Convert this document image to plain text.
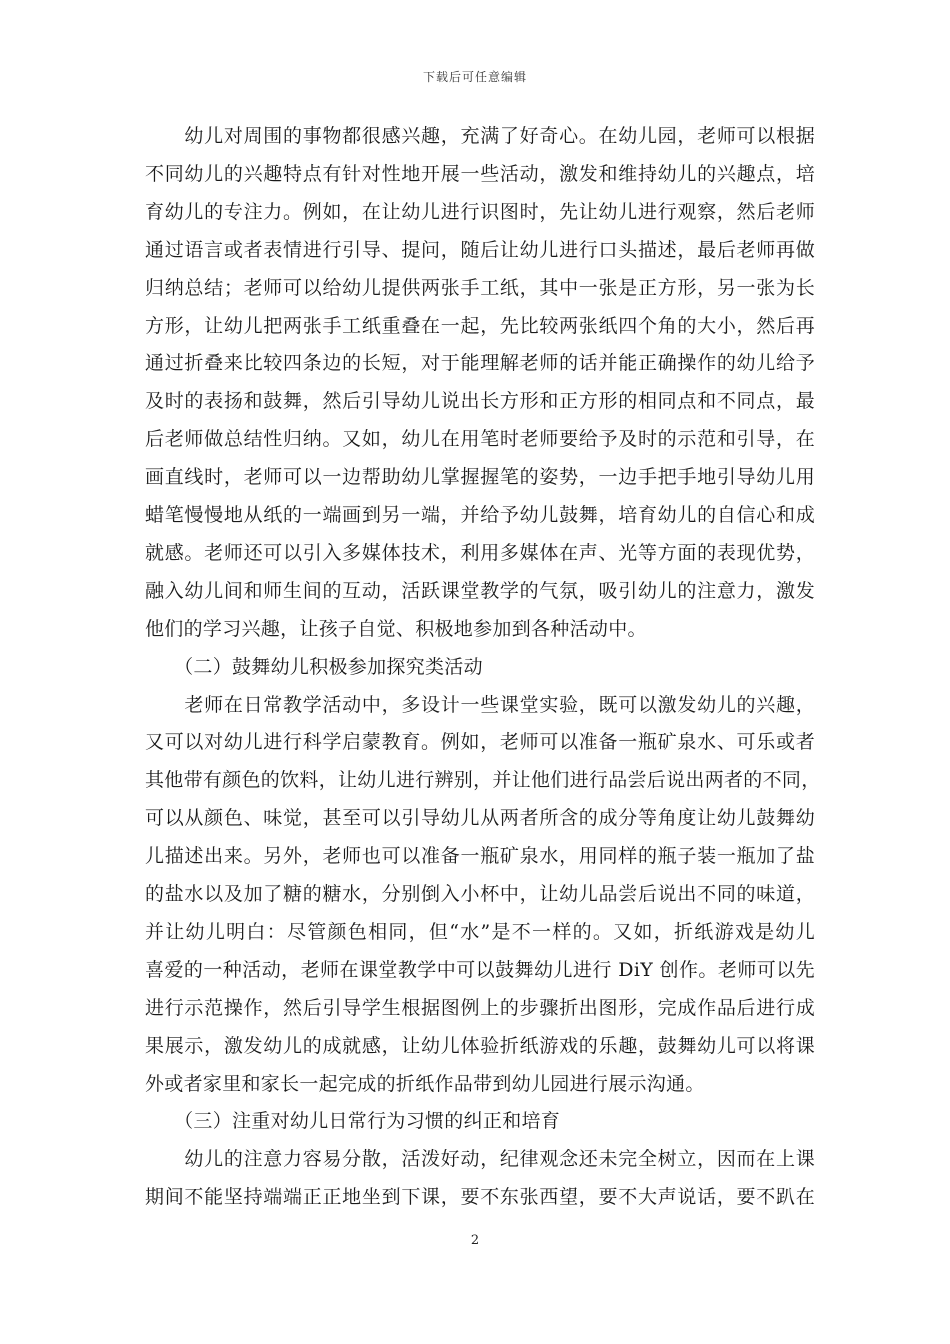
下载后可任意编辑
　　幼儿对周围的事物都很感兴趣，充满了好奇心。在幼儿园，老师可以根据
不同幼儿的兴趣特点有针对性地开展一些活动，激发和维持幼儿的兴趣点，培
育幼儿的专注力。例如，在让幼儿进行识图时，先让幼儿进行观察，然后老师
通过语言或者表情进行引导、提问，随后让幼儿进行口头描述，最后老师再做
归纳总结；老师可以给幼儿提供两张手工纸，其中一张是正方形，另一张为长
方形，让幼儿把两张手工纸重叠在一起，先比较两张纸四个角的大小，然后再
通过折叠来比较四条边的长短，对于能理解老师的话并能正确操作的幼儿给予
及时的表扬和鼓舞，然后引导幼儿说出长方形和正方形的相同点和不同点，最
后老师做总结性归纳。又如，幼儿在用笔时老师要给予及时的示范和引导，在
画直线时，老师可以一边帮助幼儿掌握握笔的姿势，一边手把手地引导幼儿用
蜡笔慢慢地从纸的一端画到另一端，并给予幼儿鼓舞，培育幼儿的自信心和成
就感。老师还可以引入多媒体技术，利用多媒体在声、光等方面的表现优势，
融入幼儿间和师生间的互动，活跃课堂教学的气氛，吸引幼儿的注意力，激发
他们的学习兴趣，让孩子自觉、积极地参加到各种活动中。
　　（二）鼓舞幼儿积极参加探究类活动
　　老师在日常教学活动中，多设计一些课堂实验，既可以激发幼儿的兴趣，
又可以对幼儿进行科学启蒙教育。例如，老师可以准备一瓶矿泉水、可乐或者
其他带有颜色的饮料，让幼儿进行辨别，并让他们进行品尝后说出两者的不同，
可以从颜色、味觉，甚至可以引导幼儿从两者所含的成分等角度让幼儿鼓舞幼
儿描述出来。另外，老师也可以准备一瓶矿泉水，用同样的瓶子装一瓶加了盐
的盐水以及加了糖的糖水，分别倒入小杯中，让幼儿品尝后说出不同的味道，
并让幼儿明白：尽管颜色相同，但“水”是不一样的。又如，折纸游戏是幼儿
喜爱的一种活动，老师在课堂教学中可以鼓舞幼儿进行 DiY 创作。老师可以先
进行示范操作，然后引导学生根据图例上的步骤折出图形，完成作品后进行成
果展示，激发幼儿的成就感，让幼儿体验折纸游戏的乐趣，鼓舞幼儿可以将课
外或者家里和家长一起完成的折纸作品带到幼儿园进行展示沟通。
　　（三）注重对幼儿日常行为习惯的纠正和培育
　　幼儿的注意力容易分散，活泼好动，纪律观念还未完全树立，因而在上课
期间不能坚持端端正正地坐到下课，要不东张西望，要不大声说话，要不趴在
2
